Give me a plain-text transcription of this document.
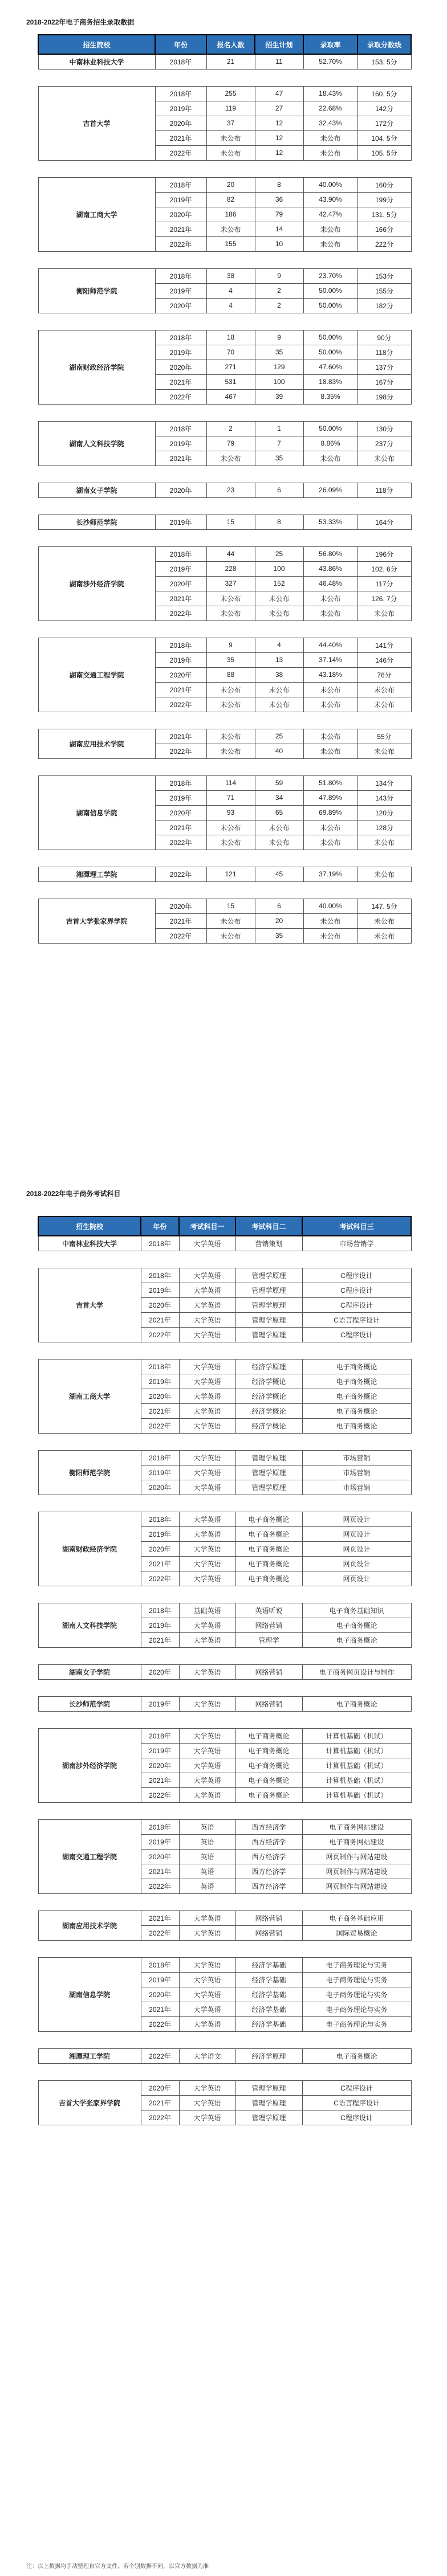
2018-2022年电子商务招生录取数据
招生院校	年份	报名人数	招生计划	录取率	录取分数线
中南林业科技大学	2018年	21	11	52.70%	153. 5分

吉首大学	2018年	255	47	18.43%	160. 5分
	2019年	119	27	22.68%	142分
	2020年	37	12	32.43%	172分
	2021年	未公布	12	未公布	104. 5分
	2022年	未公布	12	未公布	105. 5分

湖南工商大学	2018年	20	8	40.00%	160分
	2019年	82	36	43.90%	199分
	2020年	186	79	42.47%	131. 5分
	2021年	未公布	14	未公布	166分
	2022年	155	10	未公布	222分

衡阳师范学院	2018年	38	9	23.70%	153分
	2019年	4	2	50.00%	155分
	2020年	4	2	50.00%	182分

湖南财政经济学院	2018年	18	9	50.00%	90分
	2019年	70	35	50.00%	118分
	2020年	271	129	47.60%	137分
	2021年	531	100	18.83%	167分
	2022年	467	39	8.35%	198分

湖南人文科技学院	2018年	2	1	50.00%	130分
	2019年	79	7	8.86%	237分
	2021年	未公布	35	未公布	未公布

湖南女子学院	2020年	23	6	26.09%	118分

长沙师范学院	2019年	15	8	53.33%	164分

湖南涉外经济学院	2018年	44	25	56.80%	196分
	2019年	228	100	43.86%	102. 6分
	2020年	327	152	46.48%	117分
	2021年	未公布	未公布	未公布	126. 7分
	2022年	未公布	未公布	未公布	未公布

湖南交通工程学院	2018年	9	4	44.40%	141分
	2019年	35	13	37.14%	146分
	2020年	88	38	43.18%	76分
	2021年	未公布	未公布	未公布	未公布
	2022年	未公布	未公布	未公布	未公布

湖南应用技术学院	2021年	未公布	25	未公布	55分
	2022年	未公布	40	未公布	未公布

湖南信息学院	2018年	114	59	51.80%	134分
	2019年	71	34	47.89%	143分
	2020年	93	65	69.89%	120分
	2021年	未公布	未公布	未公布	128分
	2022年	未公布	未公布	未公布	未公布

湘潭理工学院	2022年	121	45	37.19%	未公布

吉首大学张家界学院	2020年	15	6	40.00%	147. 5分
	2021年	未公布	20	未公布	未公布
	2022年	未公布	35	未公布	未公布
2018-2022年电子商务考试科目
招生院校	年份	考试科目一	考试科目二	考试科目三
中南林业科技大学	2018年	大学英语	营销策划	市场营销学

吉首大学	2018年	大学英语	管理学原理	C程序设计
	2019年	大学英语	管理学原理	C程序设计
	2020年	大学英语	管理学原理	C程序设计
	2021年	大学英语	管理学原理	C语言程序设计
	2022年	大学英语	管理学原理	C程序设计

湖南工商大学	2018年	大学英语	经济学原理	电子商务概论
	2019年	大学英语	经济学概论	电子商务概论
	2020年	大学英语	经济学概论	电子商务概论
	2021年	大学英语	经济学概论	电子商务概论
	2022年	大学英语	经济学概论	电子商务概论

衡阳师范学院	2018年	大学英语	管理学原理	市场营销
	2019年	大学英语	管理学原理	市场营销
	2020年	大学英语	管理学原理	市场营销

湖南财政经济学院	2018年	大学英语	电子商务概论	网页设计
	2019年	大学英语	电子商务概论	网页设计
	2020年	大学英语	电子商务概论	网页设计
	2021年	大学英语	电子商务概论	网页设计
	2022年	大学英语	电子商务概论	网页设计

湖南人文科技学院	2018年	基础英语	英语听说	电子商务基础知识
	2019年	大学英语	网络营销	电子商务概论
	2021年	大学英语	管理学	电子商务概论

湖南女子学院	2020年	大学英语	网络营销	电子商务网页设计与制作

长沙师范学院	2019年	大学英语	网络营销	电子商务概论

湖南涉外经济学院	2018年	大学英语	电子商务概论	计算机基础（机试）
	2019年	大学英语	电子商务概论	计算机基础（机试）
	2020年	大学英语	电子商务概论	计算机基础（机试）
	2021年	大学英语	电子商务概论	计算机基础（机试）
	2022年	大学英语	电子商务概论	计算机基础（机试）

湖南交通工程学院	2018年	英语	西方经济学	电子商务网站建设
	2019年	英语	西方经济学	电子商务网站建设
	2020年	英语	西方经济学	网页制作与网站建设
	2021年	英语	西方经济学	网页制作与网站建设
	2022年	英语	西方经济学	网页制作与网站建设

湖南应用技术学院	2021年	大学英语	网络营销	电子商务基础应用
	2022年	大学英语	网络营销	国际贸易概论

湖南信息学院	2018年	大学英语	经济学基础	电子商务理论与实务
	2019年	大学英语	经济学基础	电子商务理论与实务
	2020年	大学英语	经济学基础	电子商务理论与实务
	2021年	大学英语	经济学基础	电子商务理论与实务
	2022年	大学英语	经济学基础	电子商务理论与实务

湘潭理工学院	2022年	大学语文	经济学原理	电子商务概论

吉首大学张家界学院	2020年	大学英语	管理学原理	C程序设计
	2021年	大学英语	管理学原理	C语言程序设计
	2022年	大学英语	管理学原理	C程序设计
注：以上数据均手动整理自官方文件，若个别数据不同，以官方数据为准
